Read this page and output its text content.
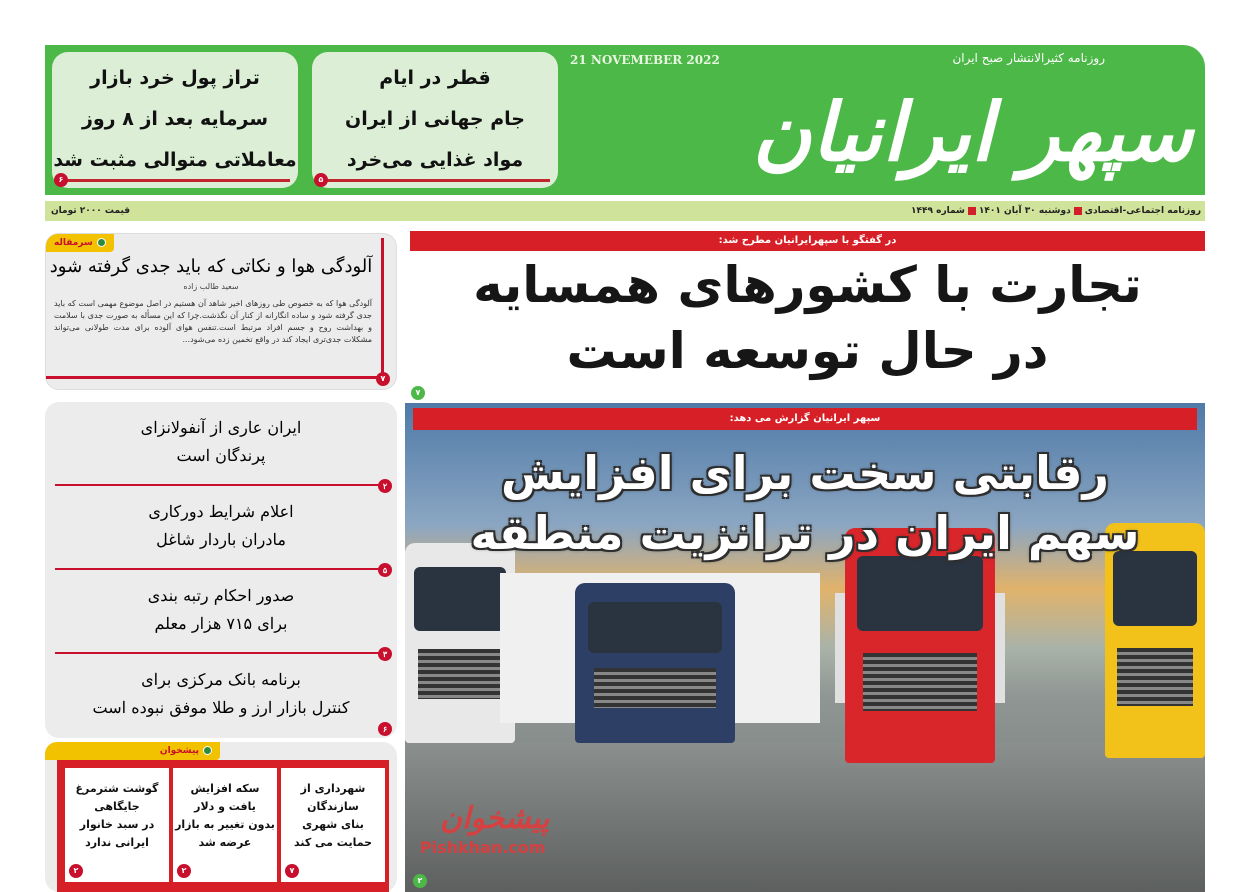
قطر در ایام
جام جهانی از ایران
مواد غذایی می‌خرد
۵
تراز پول خرد بازار
سرمایه بعد از ۸ روز
معاملاتی متوالی مثبت شد
۶
21 NOVEMEBER 2022	روزنامه کثیرالانتشار صبح ایران
سپهر ایرانیان
روزنامه اجتماعی-اقتصادیدوشنبه ۳۰ آبان ۱۴۰۱شماره ۱۴۴۹
قیمت ۲۰۰۰ تومان
در گفتگو با سپهرایرانیان مطرح شد:
تجارت با کشورهای همسایه
در حال توسعه است
۷
سپهر ایرانیان گزارش می دهد:
رقابتی سخت برای افزایش
سهم ایران در ترانزیت منطقه
۲
سرمقاله
آلودگی هوا و نکاتی که باید جدی گرفته شود
سعید طالب زاده
آلودگی هوا که به خصوص طی روزهای اخیر شاهد آن هستیم در اصل موضوع مهمی است که باید جدی گرفته شود و ساده انگارانه از کنار آن نگذشت.چرا که این مسأله به صورت جدی با سلامت و بهداشت روح و جسم افراد مرتبط است.تنفس هوای آلوده برای مدت طولانی می‌تواند مشکلات جدی‌تری ایجاد کند در واقع تخمین زده می‌شود...
۷
ایران عاری از آنفولانزای
پرندگان است
۲
اعلام شرایط دورکاری
مادران باردار شاغل
۵
صدور احکام رتبه بندی
برای ۷۱۵ هزار معلم
۳
برنامه بانک مرکزی برای
کنترل بازار ارز و طلا موفق نبوده است
۶
پیشخوان
Pishkhan.com
شهرداری از
سازندگان
بنای شهری
حمایت می کند
۷
سکه افزایش
یافت و دلار
بدون تغییر به بازار
عرضه شد
۲
گوشت شترمرغ
جایگاهی
در سبد خانوار
ایرانی ندارد
۲
پیشخوان
